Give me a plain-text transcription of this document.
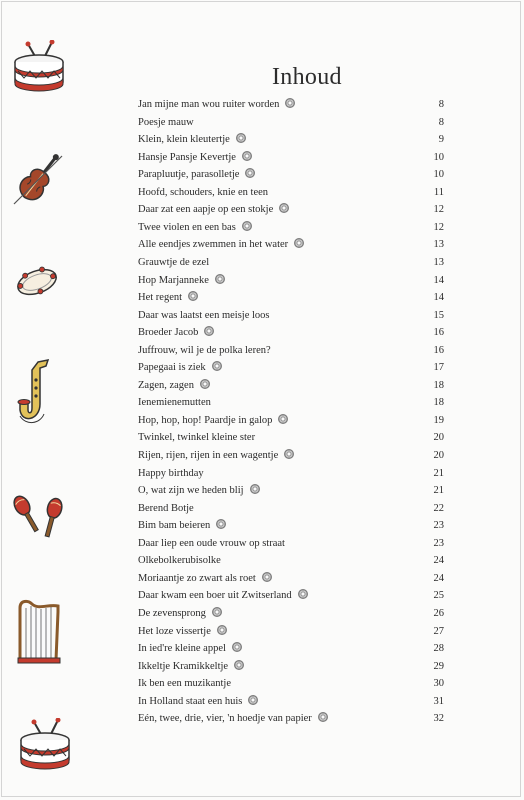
Inhoud
Jan mijne man wou ruiter worden	8
Poesje mauw	8
Klein, klein kleutertje	9
Hansje Pansje Kevertje	10
Parapluutje, parasolletje	10
Hoofd, schouders, knie en teen	11
Daar zat een aapje op een stokje	12
Twee violen en een bas	12
Alle eendjes zwemmen in het water	13
Grauwtje de ezel	13
Hop Marjanneke	14
Het regent	14
Daar was laatst een meisje loos	15
Broeder Jacob	16
Juffrouw, wil je de polka leren?	16
Papegaai is ziek	17
Zagen, zagen	18
Ienemienemutten	18
Hop, hop, hop! Paardje in galop	19
Twinkel, twinkel kleine ster	20
Rijen, rijen, rijen in een wagentje	20
Happy birthday	21
O, wat zijn we heden blij	21
Berend Botje	22
Bim bam beieren	23
Daar liep een oude vrouw op straat	23
Olkebolkerubisolke	24
Moriaantje zo zwart als roet	24
Daar kwam een boer uit Zwitserland	25
De zevensprong	26
Het loze vissertje	27
In ied're kleine appel	28
Ikkeltje Kramikkeltje	29
Ik ben een muzikantje	30
In Holland staat een huis	31
Eén, twee, drie, vier, 'n hoedje van papier	32
